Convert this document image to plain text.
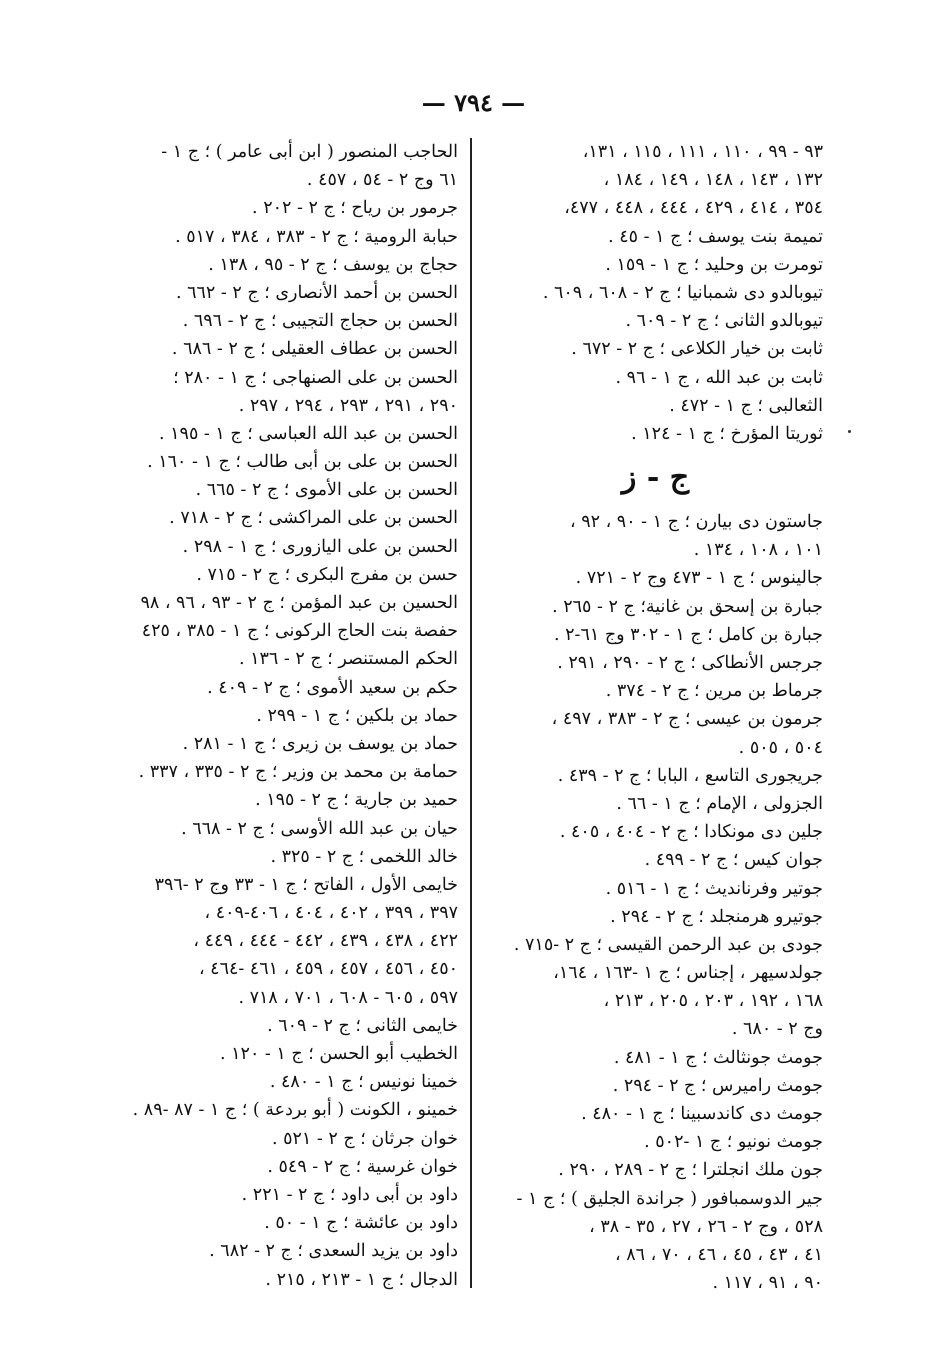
— ٧٩٤ —
٩٣ - ٩٩ ، ١١٠ ، ١١١ ، ١١٥ ، ١٣١،
١٣٢ ، ١٤٣ ، ١٤٨ ، ١٤٩ ، ١٨٤ ،
٣٥٤ ، ٤١٤ ، ٤٢٩ ، ٤٤٤ ، ٤٤٨ ، ٤٧٧،
تميمة بنت يوسف ؛ ج ١ - ٤٥ .
تومرت بن وحليد ؛ ج ١ - ١٥٩ .
تيوبالدو دى شمبانيا ؛ ج ٢ - ٦٠٨ ، ٦٠٩ .
تيوبالدو الثانى ؛ ج ٢ - ٦٠٩ .
ثابت بن خيار الكلاعى ؛ ج ٢ - ٦٧٢ .
ثابت بن عبد الله ، ج ١ - ٩٦ .
الثعالبى ؛ ج ١ - ٤٧٢ .
ثوريتا المؤرخ ؛ ج ١ - ١٢٤ .
ج - ز
جاستون دى بيارن ؛ ج ١ - ٩٠ ، ٩٢ ،
١٠١ ، ١٠٨ ، ١٣٤ .
جالينوس ؛ ج ١ - ٤٧٣ وج ٢ - ٧٢١ .
جبارة بن إسحق بن غانية؛ ج ٢ - ٢٦٥ .
جبارة بن كامل ؛ ج ١ - ٣٠٢ وج ٦١-٢ .
جرجس الأنطاكى ؛ ج ٢ - ٢٩٠ ، ٢٩١ .
جرماط بن مرين ؛ ج ٢ - ٣٧٤ .
جرمون بن عيسى ؛ ج ٢ - ٣٨٣ ، ٤٩٧ ،
٥٠٤ ، ٥٠٥ .
جريجورى التاسع ، البابا ؛ ج ٢ - ٤٣٩ .
الجزولى ، الإمام ؛ ج ١ - ٦٦ .
جلين دى مونكادا ؛ ج ٢ - ٤٠٤ ، ٤٠٥ .
جوان كيس ؛ ج ٢ - ٤٩٩ .
جوتير وفرنانديث ؛ ج ١ - ٥١٦ .
جوتيرو هرمنجلد ؛ ج ٢ - ٢٩٤ .
جودى بن عبد الرحمن القيسى ؛ ج ٢ -٧١٥ .
جولدسيهر ، إجناس ؛ ج ١ -١٦٣ ، ١٦٤،
١٦٨ ، ١٩٢ ، ٢٠٣ ، ٢٠٥ ، ٢١٣ ،
وج ٢ - ٦٨٠ .
جومث جونثالث ؛ ج ١ - ٤٨١ .
جومث راميرس ؛ ج ٢ - ٢٩٤ .
جومث دى كاندسبينا ؛ ج ١ - ٤٨٠ .
جومث نونيو ؛ ج ١ -٥٠٢ .
جون ملك انجلترا ؛ ج ٢ - ٢٨٩ ، ٢٩٠ .
جير الدوسمبافور ( جراندة الجليق ) ؛ ج ١ -
٥٢٨ ، وج ٢ - ٢٦ ، ٢٧ ، ٣٥ - ٣٨ ،
٤١ ، ٤٣ ، ٤٥ ، ٤٦ ، ٧٠ ، ٨٦ ،
٩٠ ، ٩١ ، ١١٧ .
الحاجب المنصور ( ابن أبى عامر ) ؛ ج ١ -
٦١ وج ٢ - ٥٤ ، ٤٥٧ .
جرمور بن رياح ؛ ج ٢ - ٢٠٢ .
حبابة الرومية ؛ ج ٢ - ٣٨٣ ، ٣٨٤ ، ٥١٧ .
حجاج بن يوسف ؛ ج ٢ - ٩٥ ، ١٣٨ .
الحسن بن أحمد الأنصارى ؛ ج ٢ - ٦٦٢ .
الحسن بن حجاج التجيبى ؛ ج ٢ - ٦٩٦ .
الحسن بن عطاف العقيلى ؛ ج ٢ - ٦٨٦ .
الحسن بن على الصنهاجى ؛ ج ١ - ٢٨٠ ؛
٢٩٠ ، ٢٩١ ، ٢٩٣ ، ٢٩٤ ، ٢٩٧ .
الحسن بن عبد الله العباسى ؛ ج ١ - ١٩٥ .
الحسن بن على بن أبى طالب ؛ ج ١ - ١٦٠ .
الحسن بن على الأموى ؛ ج ٢ - ٦٦٥ .
الحسن بن على المراكشى ؛ ج ٢ - ٧١٨ .
الحسن بن على اليازورى ؛ ج ١ - ٢٩٨ .
حسن بن مفرج البكرى ؛ ج ٢ - ٧١٥ .
الحسين بن عبد المؤمن ؛ ج ٢ - ٩٣ ، ٩٦ ، ٩٨
حفصة بنت الحاج الركونى ؛ ج ١ - ٣٨٥ ، ٤٢٥
الحكم المستنصر ؛ ج ٢ - ١٣٦ .
حكم بن سعيد الأموى ؛ ج ٢ - ٤٠٩ .
حماد بن بلكين ؛ ج ١ - ٢٩٩ .
حماد بن يوسف بن زيرى ؛ ج ١ - ٢٨١ .
حمامة بن محمد بن وزير ؛ ج ٢ - ٣٣٥ ، ٣٣٧ .
حميد بن جارية ؛ ج ٢ - ١٩٥ .
حيان بن عبد الله الأوسى ؛ ج ٢ - ٦٦٨ .
خالد اللخمى ؛ ج ٢ - ٣٢٥ .
خايمى الأول ، الفاتح ؛ ج ١ - ٣٣ وج ٢ -٣٩٦
٣٩٧ ، ٣٩٩ ، ٤٠٢ ، ٤٠٤ ، ٤٠٦-٤٠٩ ،
٤٢٢ ، ٤٣٨ ، ٤٣٩ ، ٤٤٢ - ٤٤٤ ، ٤٤٩ ،
٤٥٠ ، ٤٥٦ ، ٤٥٧ ، ٤٥٩ ، ٤٦١ -٤٦٤ ،
٥٩٧ ، ٦٠٥ - ٦٠٨ ، ٧٠١ ، ٧١٨ .
خايمى الثانى ؛ ج ٢ - ٦٠٩ .
الخطيب أبو الحسن ؛ ج ١ - ١٢٠ .
خمينا نونيس ؛ ج ١ - ٤٨٠ .
خمينو ، الكونت ( أبو بردعة ) ؛ ج ١ - ٨٧ -٨٩ .
خوان جرثان ؛ ج ٢ - ٥٢١ .
خوان غرسية ؛ ج ٢ - ٥٤٩ .
داود بن أبى داود ؛ ج ٢ - ٢٢١ .
داود بن عائشة ؛ ج ١ - ٥٠ .
داود بن يزيد السعدى ؛ ج ٢ - ٦٨٢ .
الدجال ؛ ج ١ - ٢١٣ ، ٢١٥ .
